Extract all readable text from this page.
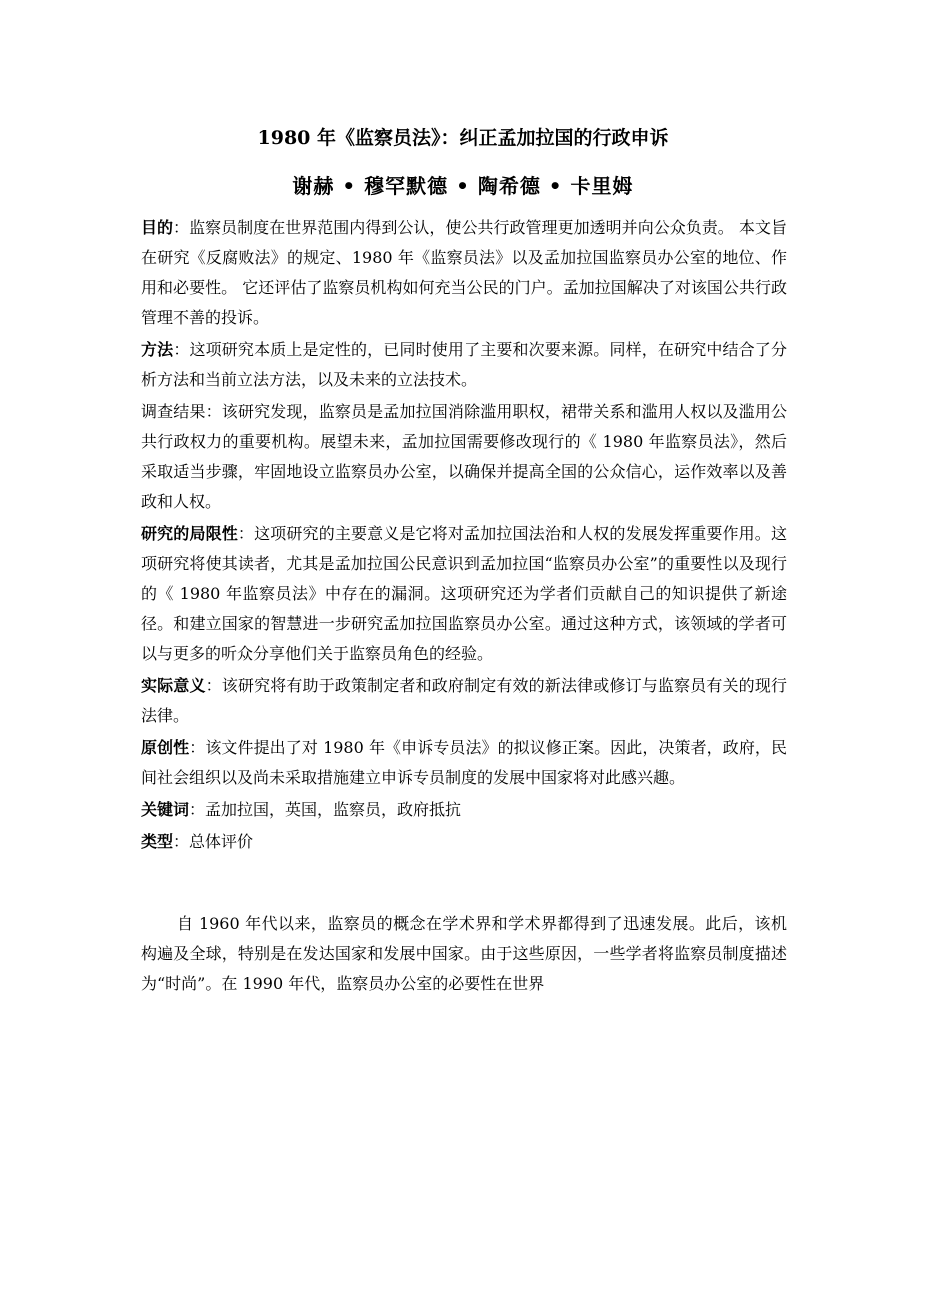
1980 年《监察员法》：纠正孟加拉国的行政申诉
谢赫 • 穆罕默德 • 陶希德 • 卡里姆

目的：监察员制度在世界范围内得到公认，使公共行政管理更加透明并向公众负责。 本文旨在研究《反腐败法》的规定、1980 年《监察员法》以及孟加拉国监察员办公室的地位、作用和必要性。 它还评估了监察员机构如何充当公民的门户。孟加拉国解决了对该国公共行政管理不善的投诉。

方法：这项研究本质上是定性的，已同时使用了主要和次要来源。同样，在研究中结合了分析方法和当前立法方法，以及未来的立法技术。

调查结果：该研究发现，监察员是孟加拉国消除滥用职权，裙带关系和滥用人权以及滥用公共行政权力的重要机构。展望未来，孟加拉国需要修改现行的《 1980 年监察员法》，然后采取适当步骤，牢固地设立监察员办公室，以确保并提高全国的公众信心，运作效率以及善政和人权。

研究的局限性：这项研究的主要意义是它将对孟加拉国法治和人权的发展发挥重要作用。这项研究将使其读者，尤其是孟加拉国公民意识到孟加拉国“监察员办公室”的重要性以及现行的《 1980 年监察员法》中存在的漏洞。这项研究还为学者们贡献自己的知识提供了新途径。和建立国家的智慧进一步研究孟加拉国监察员办公室。通过这种方式，该领域的学者可以与更多的听众分享他们关于监察员角色的经验。

实际意义：该研究将有助于政策制定者和政府制定有效的新法律或修订与监察员有关的现行法律。

原创性：该文件提出了对 1980 年《申诉专员法》的拟议修正案。因此，决策者，政府，民间社会组织以及尚未采取措施建立申诉专员制度的发展中国家将对此感兴趣。

关键词：孟加拉国，英国，监察员，政府抵抗

类型：总体评价

自 1960 年代以来，监察员的概念在学术界和学术界都得到了迅速发展。此后，该机构遍及全球，特别是在发达国家和发展中国家。由于这些原因，一些学者将监察员制度描述为“时尚”。在 1990 年代，监察员办公室的必要性在世界
